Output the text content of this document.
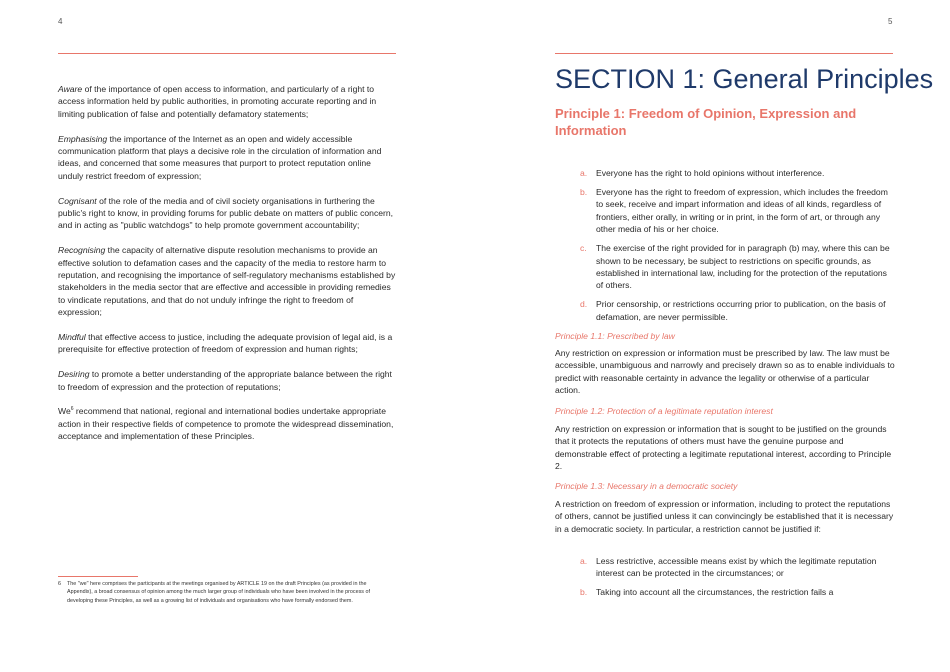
4

Aware of the importance of open access to information, and particularly of a right to access information held by public authorities, in promoting accurate reporting and in limiting publication of false and potentially defamatory statements;

Emphasising the importance of the Internet as an open and widely accessible communication platform that plays a decisive role in the circulation of information and ideas, and concerned that some measures that purport to protect reputation online unduly restrict freedom of expression;

Cognisant of the role of the media and of civil society organisations in furthering the public's right to know, in providing forums for public debate on matters of public concern, and in acting as "public watchdogs" to help promote government accountability;

Recognising the capacity of alternative dispute resolution mechanisms to provide an effective solution to defamation cases and the capacity of the media to restore harm to reputation, and recognising the importance of self-regulatory mechanisms established by stakeholders in the media sector that are effective and accessible in providing remedies to vindicate reputations, and that do not unduly infringe the right to freedom of expression;

Mindful that effective access to justice, including the adequate provision of legal aid, is a prerequisite for effective protection of freedom of expression and human rights;

Desiring to promote a better understanding of the appropriate balance between the right to freedom of expression and the protection of reputations;

We$^6$ recommend that national, regional and international bodies undertake appropriate action in their respective fields of competence to promote the widespread dissemination, acceptance and implementation of these Principles.

6	The "we" here comprises the participants at the meetings organised by ARTICLE 19 on the draft Principles (as provided in the Appendix), a broad consensus of opinion among the much larger group of individuals who have been involved in the process of developing these Principles, as well as a growing list of individuals and organisations who have formally endorsed them.
5
SECTION 1: General Principles
Principle 1: Freedom of Opinion, Expression and Information
a.	Everyone has the right to hold opinions without interference.
b.	Everyone has the right to freedom of expression, which includes the freedom to seek, receive and impart information and ideas of all kinds, regardless of frontiers, either orally, in writing or in print, in the form of art, or through any other media of his or her choice.
c.	The exercise of the right provided for in paragraph (b) may, where this can be shown to be necessary, be subject to restrictions on specific grounds, as established in international law, including for the protection of the reputations of others.
d.	Prior censorship, or restrictions occurring prior to publication, on the basis of defamation, are never permissible.

Principle 1.1: Prescribed by law

Any restriction on expression or information must be prescribed by law. The law must be accessible, unambiguous and narrowly and precisely drawn so as to enable individuals to predict with reasonable certainty in advance the legality or otherwise of a particular action.

Principle 1.2: Protection of a legitimate reputation interest

Any restriction on expression or information that is sought to be justified on the grounds that it protects the reputations of others must have the genuine purpose and demonstrable effect of protecting a legitimate reputational interest, according to Principle 2.

Principle 1.3: Necessary in a democratic society

A restriction on freedom of expression or information, including to protect the reputations of others, cannot be justified unless it can convincingly be established that it is necessary in a democratic society. In particular, a restriction cannot be justified if:
a.	Less restrictive, accessible means exist by which the legitimate reputation interest can be protected in the circumstances; or
b.	Taking into account all the circumstances, the restriction fails a
